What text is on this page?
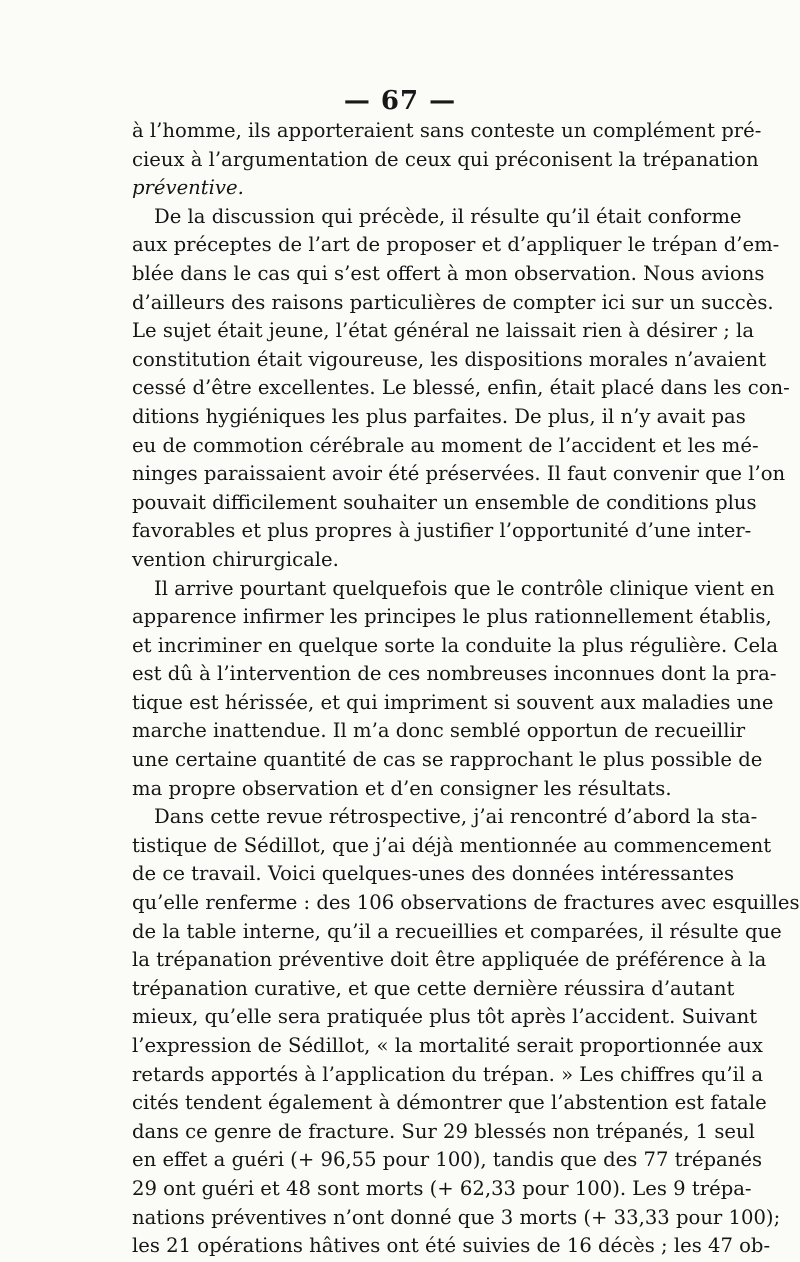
— 67 —
à l’homme, ils apporteraient sans conteste un complément pré-
cieux à l’argumentation de ceux qui préconisent la trépanation
préventive.
De la discussion qui précède, il résulte qu’il était conforme
aux préceptes de l’art de proposer et d’appliquer le trépan d’em-
blée dans le cas qui s’est offert à mon observation. Nous avions
d’ailleurs des raisons particulières de compter ici sur un succès.
Le sujet était jeune, l’état général ne laissait rien à désirer ; la
constitution était vigoureuse, les dispositions morales n’avaient
cessé d’être excellentes. Le blessé, enfin, était placé dans les con-
ditions hygiéniques les plus parfaites. De plus, il n’y avait pas
eu de commotion cérébrale au moment de l’accident et les mé-
ninges paraissaient avoir été préservées. Il faut convenir que l’on
pouvait difficilement souhaiter un ensemble de conditions plus
favorables et plus propres à justifier l’opportunité d’une inter-
vention chirurgicale.
Il arrive pourtant quelquefois que le contrôle clinique vient en
apparence infirmer les principes le plus rationnellement établis,
et incriminer en quelque sorte la conduite la plus régulière. Cela
est dû à l’intervention de ces nombreuses inconnues dont la pra-
tique est hérissée, et qui impriment si souvent aux maladies une
marche inattendue. Il m’a donc semblé opportun de recueillir
une certaine quantité de cas se rapprochant le plus possible de
ma propre observation et d’en consigner les résultats.
Dans cette revue rétrospective, j’ai rencontré d’abord la sta-
tistique de Sédillot, que j’ai déjà mentionnée au commencement
de ce travail. Voici quelques-unes des données intéressantes
qu’elle renferme : des 106 observations de fractures avec esquilles
de la table interne, qu’il a recueillies et comparées, il résulte que
la trépanation préventive doit être appliquée de préférence à la
trépanation curative, et que cette dernière réussira d’autant
mieux, qu’elle sera pratiquée plus tôt après l’accident. Suivant
l’expression de Sédillot, « la mortalité serait proportionnée aux
retards apportés à l’application du trépan. » Les chiffres qu’il a
cités tendent également à démontrer que l’abstention est fatale
dans ce genre de fracture. Sur 29 blessés non trépanés, 1 seul
en effet a guéri (+ 96,55 pour 100), tandis que des 77 trépanés
29 ont guéri et 48 sont morts (+ 62,33 pour 100). Les 9 trépa-
nations préventives n’ont donné que 3 morts (+ 33,33 pour 100);
les 21 opérations hâtives ont été suivies de 16 décès ; les 47 ob-
